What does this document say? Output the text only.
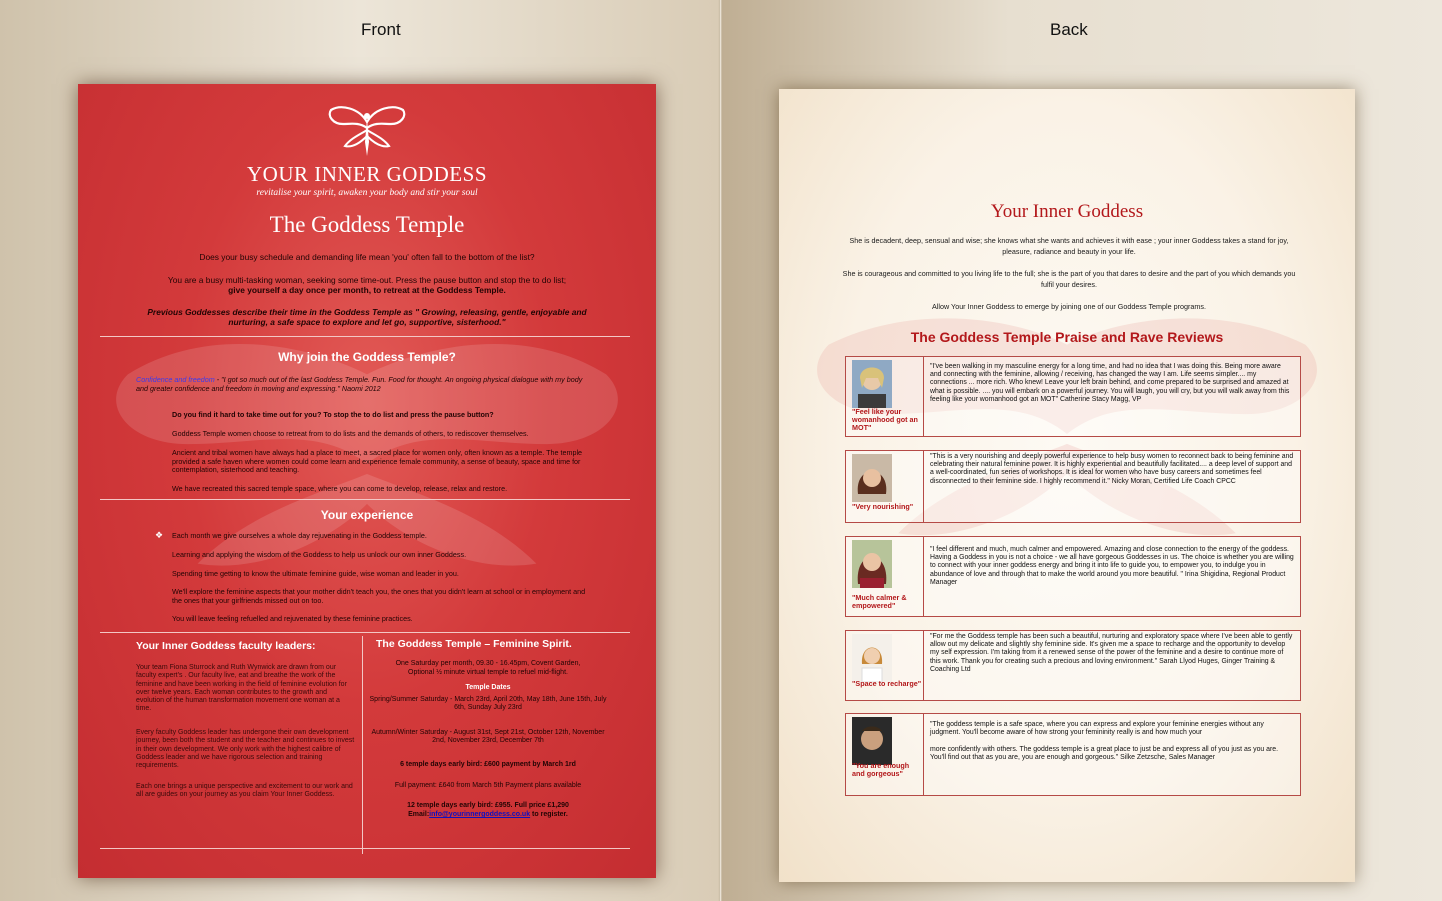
Front	Back
YOUR INNER GODDESS
revitalise your spirit, awaken your body and stir your soul
The Goddess Temple
Does your busy schedule and demanding life mean 'you' often fall to the bottom of the list?
You are a busy multi-tasking woman, seeking some time-out. Press the pause button and stop the to do list;
give yourself a day once per month, to retreat at the Goddess Temple.
Previous Goddesses describe their time in the Goddess Temple as " Growing, releasing, gentle, enjoyable and
nurturing, a safe space to explore and let go, supportive, sisterhood."
Why join the Goddess Temple?
Confidence and freedom - "I got so much out of the last Goddess Temple. Fun. Food for thought. An ongoing physical dialogue with my body and greater confidence and freedom in moving and expressing." Naomi 2012
Do you find it hard to take time out for you? To stop the to do list and press the pause button?
Goddess Temple women choose to retreat from to do lists and the demands of others, to rediscover themselves.
Ancient and tribal women have always had a place to meet, a sacred place for women only, often known as a temple. The temple provided a safe haven where women could come learn and experience female community, a sense of beauty, space and time for contemplation, sisterhood and teaching.
We have recreated this sacred temple space, where you can come to develop, release, relax and restore.
Your experience
❖ Each month we give ourselves a whole day rejuvenating in the Goddess temple.
Learning and applying the wisdom of the Goddess to help us unlock our own inner Goddess.
Spending time getting to know the ultimate feminine guide, wise woman and leader in you.
We'll explore the feminine aspects that your mother didn't teach you, the ones that you didn't learn at school or in employment and the ones that your girlfriends missed out on too.
You will leave feeling refuelled and rejuvenated by these feminine practices.
Your Inner Goddess faculty leaders:
Your team Fiona Sturrock and Ruth Wynwick are drawn from our faculty expert's . Our faculty live, eat and breathe the work of the feminine and have been working in the field of feminine evolution for over twelve years. Each woman contributes to the growth and evolution of the human transformation movement one woman at a time.
Every faculty Goddess leader has undergone their own development journey, been both the student and the teacher and continues to invest in their own development. We only work with the highest calibre of Goddess leader and we have rigorous selection and training requirements.
Each one brings a unique perspective and excitement to our work and all are guides on your journey as you claim Your Inner Goddess.
The Goddess Temple – Feminine Spirit.
One Saturday per month, 09.30 - 16.45pm, Covent Garden,
Optional ½ minute virtual temple to refuel mid-flight.
Temple Dates
Spring/Summer Saturday - March 23rd, April 20th, May 18th, June 15th, July 6th, Sunday July 23rd
Autumn/Winter Saturday - August 31st, Sept 21st, October 12th, November 2nd, November 23rd, December 7th
6 temple days early bird: £600 payment by March 1rd
Full payment: £640 from March 5th Payment plans available
12 temple days early bird: £955. Full price £1,290
Email:info@yourinnergoddess.co.uk to register.
Your Inner Goddess
She is decadent, deep, sensual and wise; she knows what she wants and achieves it with ease ; your inner Goddess takes a stand for joy, pleasure, radiance and beauty in your life.
She is courageous and committed to you living life to the full; she is the part of you that dares to desire and the part of you which demands you fulfil your desires.
Allow Your Inner Goddess to emerge by joining one of our Goddess Temple programs.
The Goddess Temple Praise and Rave Reviews
"Feel like your womanhood got an MOT"
"I've been walking in my masculine energy for a long time, and had no idea that I was doing this. Being more aware and connecting with the feminine, allowing / receiving, has changed the way I am. Life seems simpler.... my connections ... more rich. Who knew! Leave your left brain behind, and come prepared to be surprised and amazed at what is possible. .... you will embark on a powerful journey. You will laugh, you will cry, but you will walk away from this feeling like your womanhood got an MOT" Catherine Stacy Magg, VP
"Very nourishing"
"This is a very nourishing and deeply powerful experience to help busy women to reconnect back to being feminine and celebrating their natural feminine power. It is highly experiential and beautifully facilitated.... a deep level of support and a well-coordinated, fun series of workshops. It is ideal for women who have busy careers and sometimes feel disconnected to their feminine side. I highly recommend it." Nicky Moran, Certified Life Coach CPCC
"Much calmer & empowered"
"I feel different and much, much calmer and empowered. Amazing and close connection to the energy of the goddess. Having a Goddess in you is not a choice - we all have gorgeous Goddesses in us. The choice is whether you are willing to connect with your inner goddess energy and bring it into life to guide you, to empower you, to indulge you in abundance of love and through that to make the world around you more beautiful. " Irina Shigidina, Regional Product Manager
"Space to recharge"
"For me the Goddess temple has been such a beautiful, nurturing and exploratory space where I've been able to gently allow out my delicate and slightly shy feminine side. It's given me a space to recharge and the opportunity to develop my self expression. I'm taking from it a renewed sense of the power of the feminine and a desire to continue more of this work. Thank you for creating such a precious and loving environment." Sarah Llyod Huges, Ginger Training & Coaching Ltd
"You are enough and gorgeous"
"The goddess temple is a safe space, where you can express and explore your feminine energies without any judgment. You'll become aware of how strong your femininity really is and how much your

more confidently with others. The goddess temple is a great place to just be and express all of you just as you are. You'll find out that as you are, you are enough and gorgeous." Silke Zetzsche, Sales Manager
